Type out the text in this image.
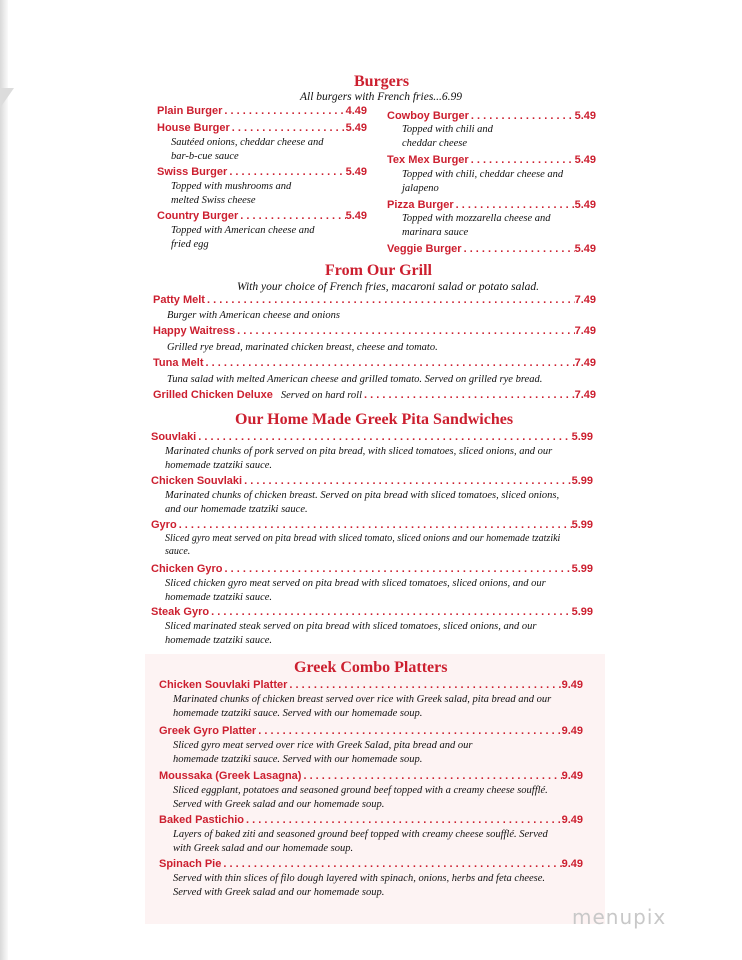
Burgers
All burgers with French fries...6.99
Plain Burger . . .	4.49
House Burger . . .	5.49
Sautéed onions, cheddar cheese and bar-b-cue sauce
Swiss Burger . . .	5.49
Topped with mushrooms and melted Swiss cheese
Country Burger . . .	5.49
Topped with American cheese and fried egg
Cowboy Burger . . .	5.49
Topped with chili and cheddar cheese
Tex Mex Burger . . .	5.49
Topped with chili, cheddar cheese and jalapeno
Pizza Burger . . .	5.49
Topped with mozzarella cheese and marinara sauce
Veggie Burger . . .	5.49
From Our Grill
With your choice of French fries, macaroni salad or potato salad.
Patty Melt . . .	7.49
Burger with American cheese and onions
Happy Waitress . . .	7.49
Grilled rye bread, marinated chicken breast, cheese and tomato.
Tuna Melt . . .	7.49
Tuna salad with melted American cheese and grilled tomato. Served on grilled rye bread.
Grilled Chicken Deluxe Served on hard roll . . .	7.49
Our Home Made Greek Pita Sandwiches
Souvlaki . . .	5.99
Marinated chunks of pork served on pita bread, with sliced tomatoes, sliced onions, and our homemade tzatziki sauce.
Chicken Souvlaki . . .	5.99
Marinated chunks of chicken breast. Served on pita bread with sliced tomatoes, sliced onions, and our homemade tzatziki sauce.
Gyro . . .	5.99
Sliced gyro meat served on pita bread with sliced tomato, sliced onions and our homemade tzatziki sauce.
Chicken Gyro . . .	5.99
Sliced chicken gyro meat served on pita bread with sliced tomatoes, sliced onions, and our homemade tzatziki sauce.
Steak Gyro . . .	5.99
Sliced marinated steak served on pita bread with sliced tomatoes, sliced onions, and our homemade tzatziki sauce.
Greek Combo Platters
Chicken Souvlaki Platter . . .	9.49
Marinated chunks of chicken breast served over rice with Greek salad, pita bread and our homemade tzatziki sauce. Served with our homemade soup.
Greek Gyro Platter . . .	9.49
Sliced gyro meat served over rice with Greek Salad, pita bread and our homemade tzatziki sauce. Served with our homemade soup.
Moussaka (Greek Lasagna) . . .	9.49
Sliced eggplant, potatoes and seasoned ground beef topped with a creamy cheese soufflé. Served with Greek salad and our homemade soup.
Baked Pastichio . . .	9.49
Layers of baked ziti and seasoned ground beef topped with creamy cheese soufflé. Served with Greek salad and our homemade soup.
Spinach Pie . . .	9.49
Served with thin slices of filo dough layered with spinach, onions, herbs and feta cheese. Served with Greek salad and our homemade soup.
menupix
